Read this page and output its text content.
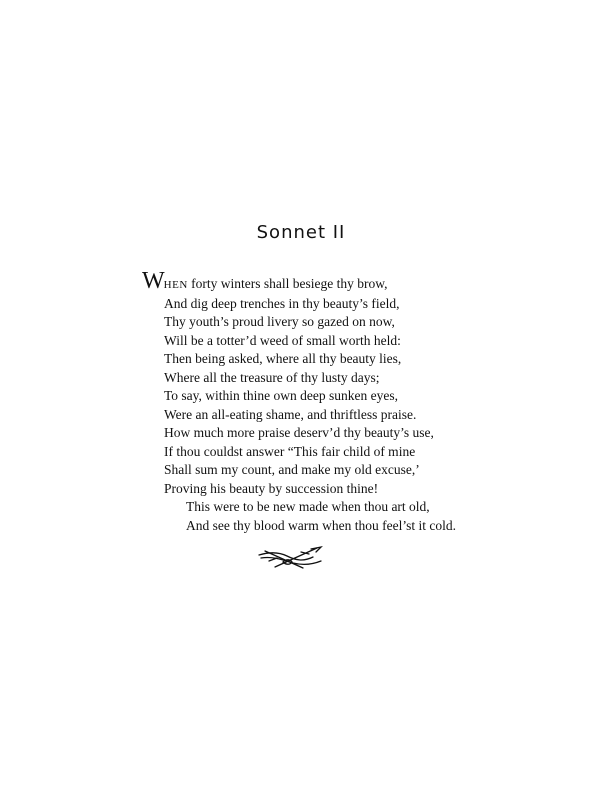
Sonnet II
WHEN forty winters shall besiege thy brow,
And dig deep trenches in thy beauty’s field,
Thy youth’s proud livery so gazed on now,
Will be a totter’d weed of small worth held:
Then being asked, where all thy beauty lies,
Where all the treasure of thy lusty days;
To say, within thine own deep sunken eyes,
Were an all-eating shame, and thriftless praise.
How much more praise deserv’d thy beauty’s use,
If thou couldst answer “This fair child of mine
Shall sum my count, and make my old excuse,’
Proving his beauty by succession thine!
This were to be new made when thou art old,
And see thy blood warm when thou feel’st it cold.
